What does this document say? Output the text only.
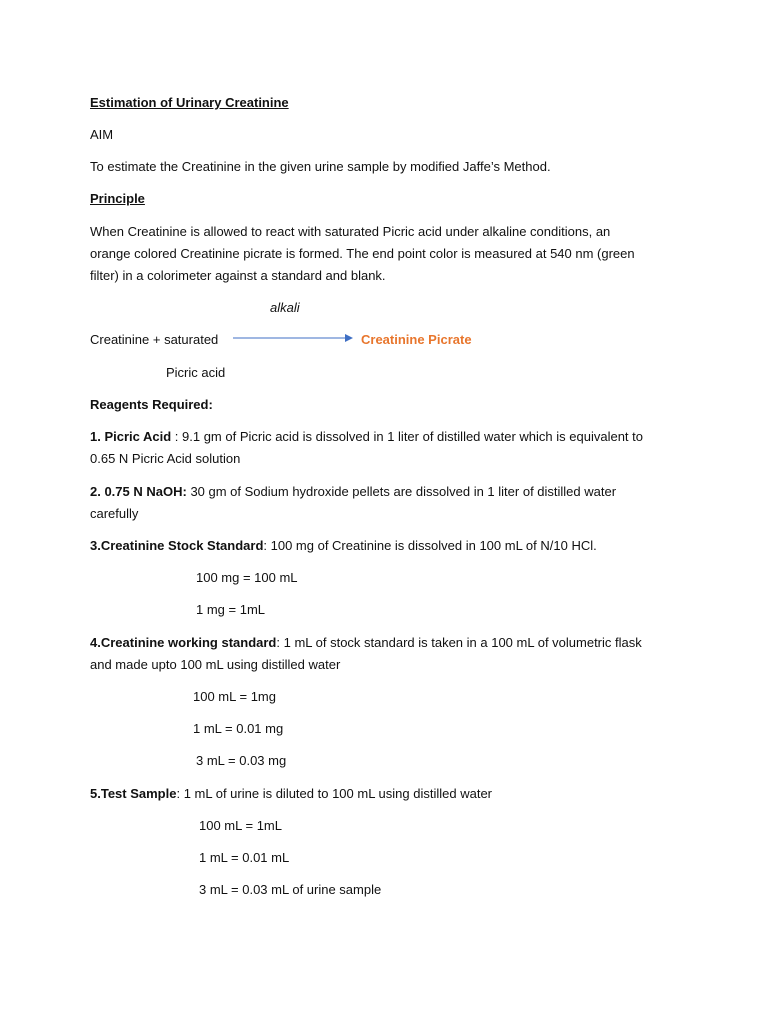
Estimation of Urinary Creatinine
AIM
To estimate the Creatinine in the given urine sample by modified Jaffe’s Method.
Principle
When Creatinine is allowed to react with saturated Picric acid under alkaline conditions, an
orange colored Creatinine picrate is formed. The end point color is measured at 540 nm (green
filter) in a colorimeter against a standard and blank.
alkali
Creatinine + saturated	Creatinine Picrate
Picric acid
Reagents Required:
1. Picric Acid : 9.1 gm of Picric acid is dissolved in 1 liter of distilled water which is equivalent to
0.65 N Picric Acid solution
2. 0.75 N NaOH: 30 gm of Sodium hydroxide pellets are dissolved in 1 liter of distilled water
carefully
3.Creatinine Stock Standard: 100 mg of Creatinine is dissolved in 100 mL of N/10 HCl.
100 mg = 100 mL
1 mg = 1mL
4.Creatinine working standard: 1 mL of stock standard is taken in a 100 mL of volumetric flask
and made upto 100 mL using distilled water
100 mL = 1mg
1 mL = 0.01 mg
3 mL = 0.03 mg
5.Test Sample: 1 mL of urine is diluted to 100 mL using distilled water
100 mL = 1mL
1 mL = 0.01 mL
3 mL = 0.03 mL of urine sample
